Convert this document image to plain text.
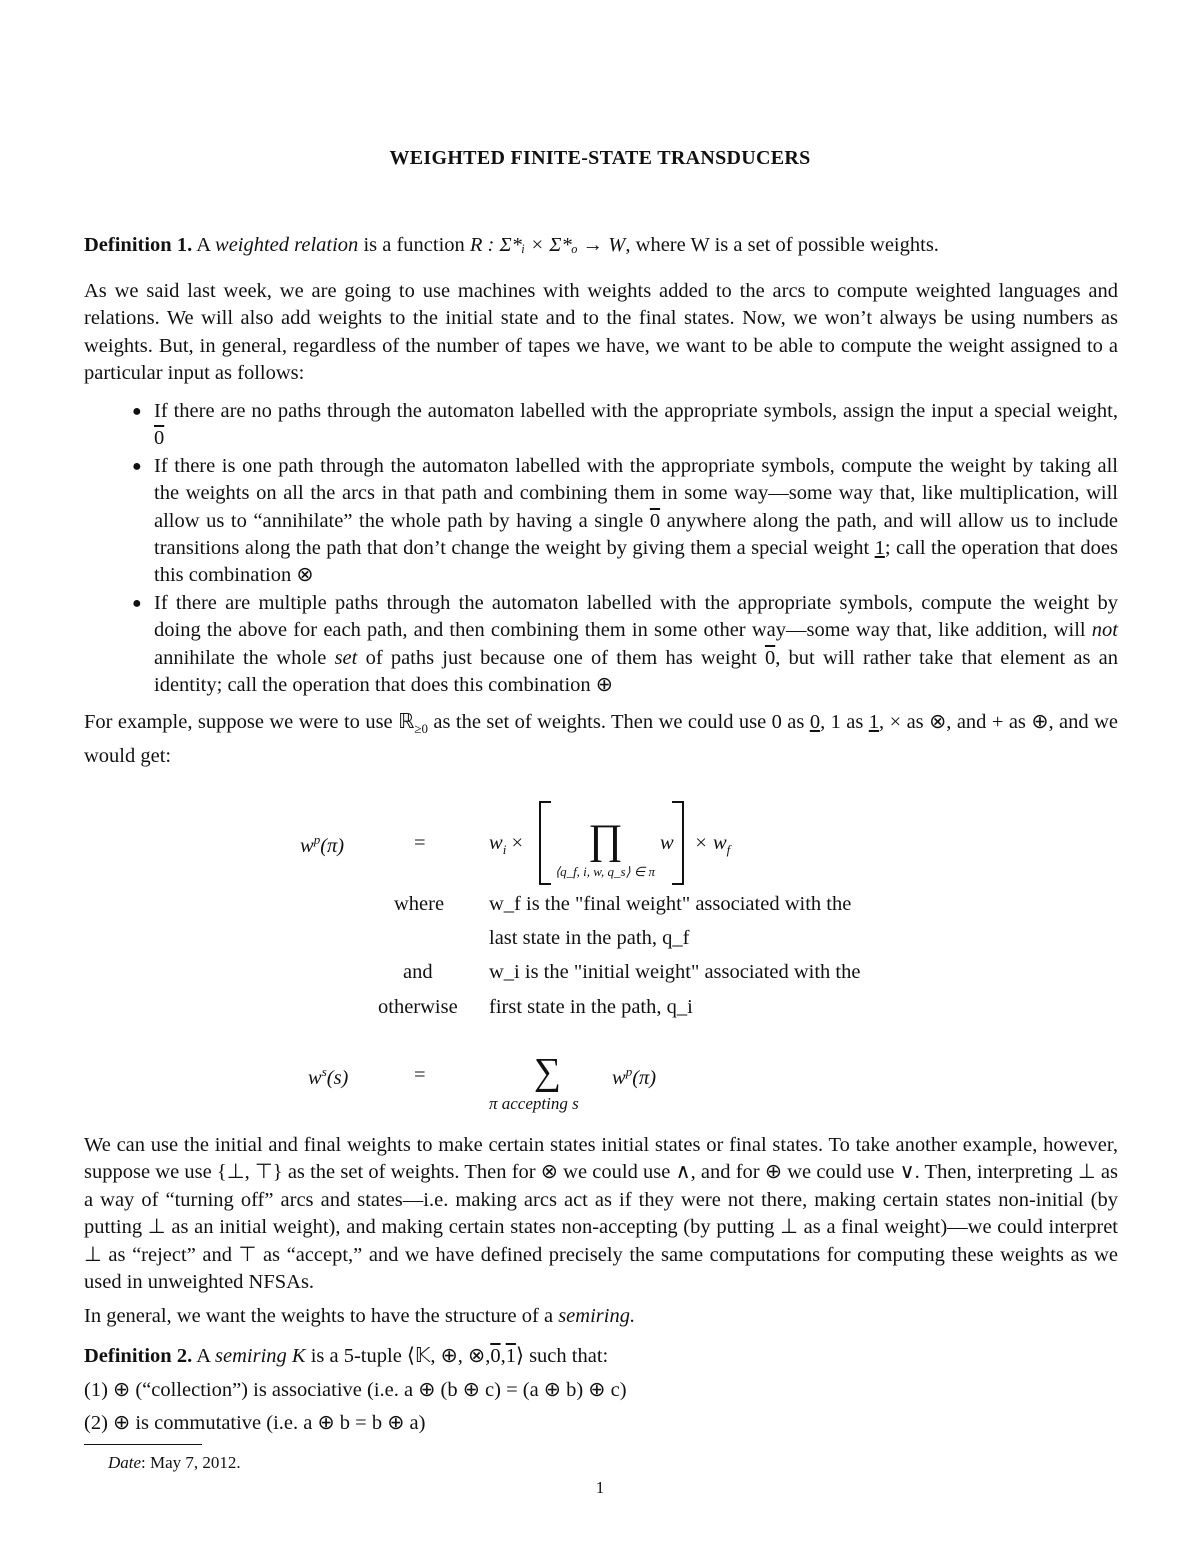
WEIGHTED FINITE-STATE TRANSDUCERS
Definition 1. A weighted relation is a function R : Σ*ᵢ × Σ*ₒ → W, where W is a set of possible weights.
As we said last week, we are going to use machines with weights added to the arcs to compute weighted languages and relations. We will also add weights to the initial state and to the final states. Now, we won’t always be using numbers as weights. But, in general, regardless of the number of tapes we have, we want to be able to compute the weight assigned to a particular input as follows:
● If there are no paths through the automaton labelled with the appropriate symbols, assign the input a special weight, 0
● If there is one path through the automaton labelled with the appropriate symbols, compute the weight by taking all the weights on all the arcs in that path and combining them in some way—some way that, like multiplication, will allow us to “annihilate” the whole path by having a single 0 anywhere along the path, and will allow us to include transitions along the path that don’t change the weight by giving them a special weight 1; call the operation that does this combination ⊗
● If there are multiple paths through the automaton labelled with the appropriate symbols, compute the weight by doing the above for each path, and then combining them in some other way—some way that, like addition, will not annihilate the whole set of paths just because one of them has weight 0, but will rather take that element as an identity; call the operation that does this combination ⊕
For example, suppose we were to use ℝ$_{\ge 0}$ as the set of weights. Then we could use 0 as 0, 1 as 1, × as ⊗, and + as ⊕, and we would get:
$w^p(\pi)$	=	$w_i$ × ∏
⟨q_f, i, w, q_s⟩ ∈ π
$w \times w_f$
where w_f is the "final weight" associated with the
last state in the path, q_f
and	w_i is the "initial weight" associated with the
otherwise first state in the path, q_i
$w^s(s)$	=	∑
π accepting s
$w^p(\pi)$
We can use the initial and final weights to make certain states initial states or final states. To take another example, however, suppose we use {⊥, ⊤} as the set of weights. Then for ⊗ we could use ∧, and for ⊕ we could use ∨. Then, interpreting ⊥ as a way of “turning off” arcs and states—i.e. making arcs act as if they were not there, making certain states non-initial (by putting ⊥ as an initial weight), and making certain states non-accepting (by putting ⊥ as a final weight)—we could interpret ⊥ as “reject” and ⊤ as “accept,” and we have defined precisely the same computations for computing these weights as we used in unweighted NFSAs.
In general, we want the weights to have the structure of a semiring.
Definition 2. A semiring K is a 5-tuple ⟨𝕂, ⊕, ⊗,0,1⟩ such that:
(1) ⊕ (“collection”) is associative (i.e. a ⊕ (b ⊕ c) = (a ⊕ b) ⊕ c)
(2) ⊕ is commutative (i.e. a ⊕ b = b ⊕ a)
Date: May 7, 2012.
1
